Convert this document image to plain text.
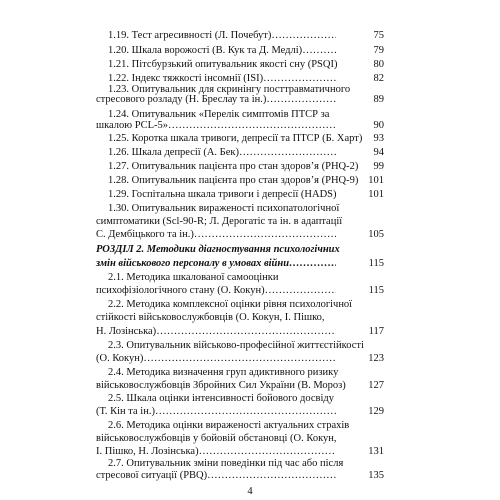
1.19. Тест агресивності (Л. Почебут) ……………………………………………………………………………………………………	75
1.20. Шкала ворожості (В. Кук та Д. Медлі) ……………………………………………………………………………………………………	79
1.21. Пітсбурзький опитувальник якості сну (PSQI)	80
1.22. Індекс тяжкості інсомнії (ISI) ……………………………………………………………………………………………………	82
1.23. Опитувальник для скринінгу посттравматичного
стресового розладу (Н. Бреслау та ін.) ……………………………………………………………………………………………………	89
1.24. Опитувальник «Перелік симптомів ПТСР за
шкалою PCL-5» ……………………………………………………………………………………………………	90
1.25. Коротка шкала тривоги, депресії та ПТСР (Б. Харт)	93
1.26. Шкала депресії (А. Бек) ……………………………………………………………………………………………………	94
1.27. Опитувальник пацієнта про стан здоров’я (PHQ-2)	99
1.28. Опитувальник пацієнта про стан здоров’я (PHQ-9) 101
1.29. Госпітальна шкала тривоги і депресії (HADS)	101
1.30. Опитувальник вираженості психопатологічної
симптоматики (Scl-90-R; Л. Дерогатіс та ін. в адаптації
С. Дембіцького та ін.) ……………………………………………………………………………………………………	105
РОЗДІЛ 2. Методики діагностування психологічних
змін військового персоналу в умовах війни ……………………………………………………………………………………………………	115
2.1. Методика шкалованої самооцінки
психофізіологічного стану (О. Кокун) ……………………………………………………………………………………………………	115
2.2. Методика комплексної оцінки рівня психологічної
стійкості військовослужбовців (О. Кокун, І. Пішко,
Н. Лозінська) ……………………………………………………………………………………………………	117
2.3. Опитувальник військово-професійної життєстійкості
(О. Кокун) ……………………………………………………………………………………………………	123
2.4. Методика визначення груп адиктивного ризику
військовослужбовців Збройних Сил України (В. Мороз)	127
2.5. Шкала оцінки інтенсивності бойового досвіду
(Т. Кін та ін.) ……………………………………………………………………………………………………	129
2.6. Методика оцінки вираженості актуальних страхів
військовослужбовців у бойовій обстановці (О. Кокун,
І. Пішко, Н. Лозінська) ……………………………………………………………………………………………………	131
2.7. Опитувальник зміни поведінки під час або після
стресової ситуації (PBQ) ……………………………………………………………………………………………………	135
4
